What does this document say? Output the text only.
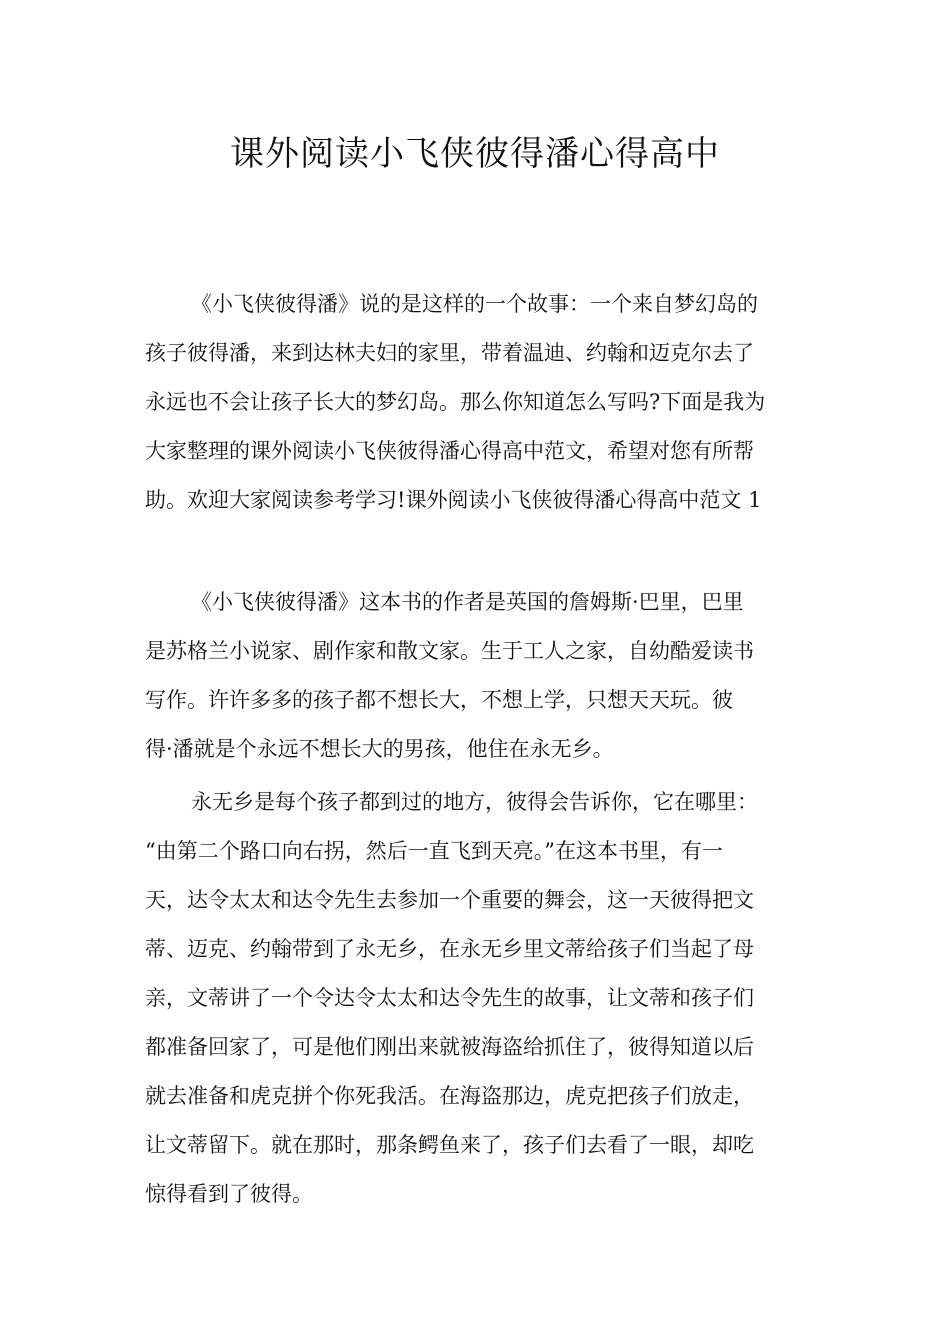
课外阅读小飞侠彼得潘心得高中
《小飞侠彼得潘》说的是这样的一个故事：一个来自梦幻岛的
孩子彼得潘，来到达林夫妇的家里，带着温迪、约翰和迈克尔去了
永远也不会让孩子长大的梦幻岛。那么你知道怎么写吗?下面是我为
大家整理的课外阅读小飞侠彼得潘心得高中范文，希望对您有所帮
助。欢迎大家阅读参考学习!课外阅读小飞侠彼得潘心得高中范文 1
《小飞侠彼得潘》这本书的作者是英国的詹姆斯·巴里，巴里
是苏格兰小说家、剧作家和散文家。生于工人之家，自幼酷爱读书
写作。许许多多的孩子都不想长大，不想上学，只想天天玩。彼
得·潘就是个永远不想长大的男孩，他住在永无乡。
永无乡是每个孩子都到过的地方，彼得会告诉你，它在哪里：
“由第二个路口向右拐，然后一直飞到天亮。”在这本书里，有一
天，达令太太和达令先生去参加一个重要的舞会，这一天彼得把文
蒂、迈克、约翰带到了永无乡，在永无乡里文蒂给孩子们当起了母
亲，文蒂讲了一个令达令太太和达令先生的故事，让文蒂和孩子们
都准备回家了，可是他们刚出来就被海盗给抓住了，彼得知道以后
就去准备和虎克拼个你死我活。在海盗那边，虎克把孩子们放走，
让文蒂留下。就在那时，那条鳄鱼来了，孩子们去看了一眼，却吃
惊得看到了彼得。
